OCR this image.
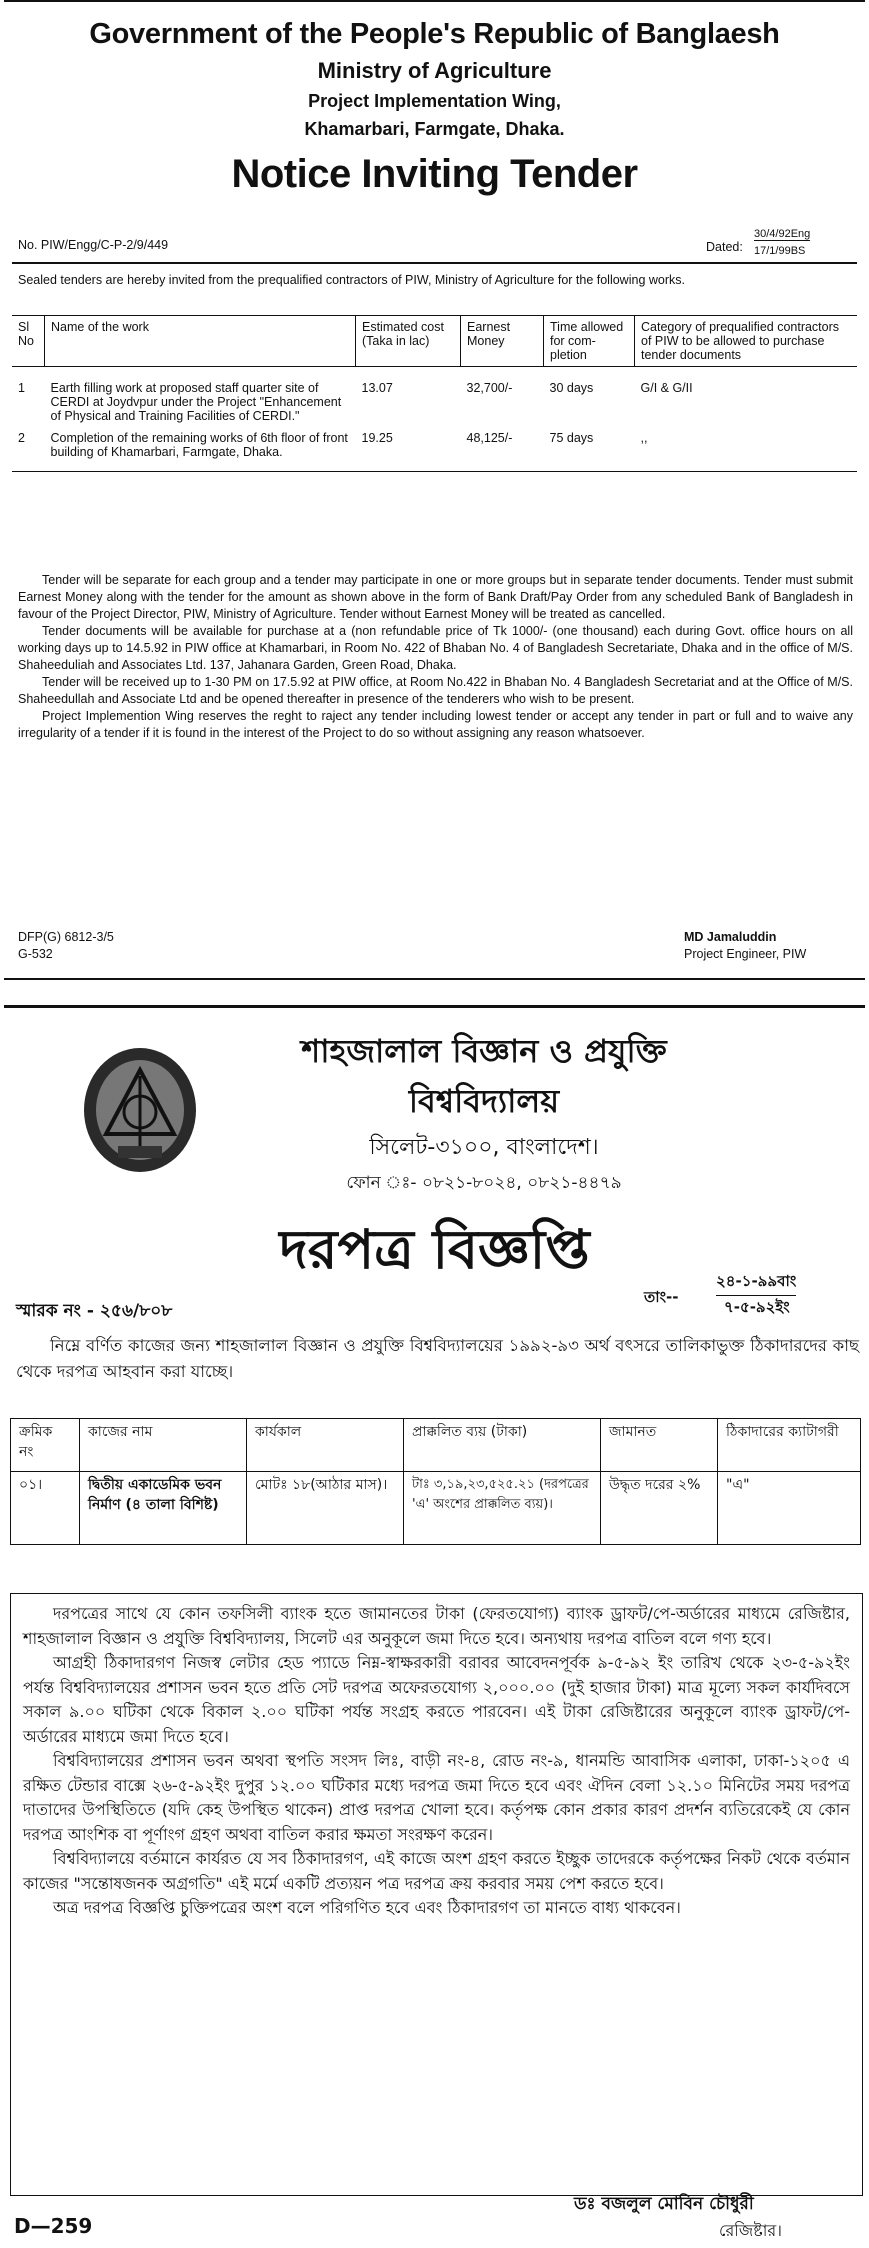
Government of the People's Republic of Banglaesh
Ministry of Agriculture
Project Implementation Wing,
Khamarbari, Farmgate, Dhaka.
Notice Inviting Tender
No. PIW/Engg/C-P-2/9/449	Dated:
30/4/92Eng
17/1/99BS
Sealed tenders are hereby invited from the prequalified contractors of PIW, Ministry of Agriculture for the following works.
Sl No	Name of the work	Estimated cost (Taka in lac)	Earnest Money	Time allowed for com-pletion	Category of prequalified contractors of PIW to be allowed to purchase tender documents
1	Earth filling work at proposed staff quarter site of CERDI at Joydvpur under the Project "Enhancement of Physical and Training Facilities of CERDI."	13.07	32,700/-	30 days	G/I & G/II
2	Completion of the remaining works of 6th floor of front building of Khamarbari, Farmgate, Dhaka.	19.25	48,125/-	75 days	,,

Tender will be separate for each group and a tender may participate in one or more groups but in separate tender documents. Tender must submit Earnest Money along with the tender for the amount as shown above in the form of Bank Draft/Pay Order from any scheduled Bank of Bangladesh in favour of the Project Director, PIW, Ministry of Agriculture. Tender without Earnest Money will be treated as cancelled.

Tender documents will be available for purchase at a (non refundable price of Tk 1000/- (one thousand) each during Govt. office hours on all working days up to 14.5.92 in PIW office at Khamarbari, in Room No. 422 of Bhaban No. 4 of Bangladesh Secretariate, Dhaka and in the office of M/S. Shaheeduliah and Associates Ltd. 137, Jahanara Garden, Green Road, Dhaka.

Tender will be received up to 1-30 PM on 17.5.92 at PIW office, at Room No.422 in Bhaban No. 4 Bangladesh Secretariat and at the Office of M/S. Shaheedullah and Associate Ltd and be opened thereafter in presence of the tenderers who wish to be present.

Project Implemention Wing reserves the reght to raject any tender including lowest tender or accept any tender in part or full and to waive any irregularity of a tender if it is found in the interest of the Project to do so without assigning any reason whatsoever.

DFP(G) 6812-3/5
G-532
MD Jamaluddin
Project Engineer, PIW
শাহজালাল বিজ্ঞান ও প্রযুক্তি
বিশ্ববিদ্যালয়
সিলেট-৩১০০, বাংলাদেশ।
ফোন ঃ- ০৮২১-৮০২৪, ০৮২১-৪৪৭৯
দরপত্র বিজ্ঞপ্তি
স্মারক নং - ২৫৬/৮০৮
তাং--
২৪-১-৯৯বাং
৭-৫-৯২ইং
নিম্নে বর্ণিত কাজের জন্য শাহজালাল বিজ্ঞান ও প্রযুক্তি বিশ্ববিদ্যালয়ের ১৯৯২-৯৩ অর্থ বৎসরে তালিকাভুক্ত ঠিকাদারদের কাছ থেকে দরপত্র আহবান করা যাচ্ছে।
ক্রমিক নং	কাজের নাম	কার্যকাল	প্রাক্কলিত ব্যয় (টাকা)	জামানত	ঠিকাদারের ক্যাটাগরী
০১।	দ্বিতীয় একাডেমিক ভবন নির্মাণ (৪ তালা বিশিষ্ট)	মোটঃ ১৮(আঠার মাস)।	টাঃ ৩,১৯,২৩,৫২৫.২১ (দরপত্রের 'এ' অংশের প্রাক্কলিত ব্যয়)।	উদ্ধৃত দরের ২%	"এ"

দরপত্রের সাথে যে কোন তফসিলী ব্যাংক হতে জামানতের টাকা (ফেরতযোগ্য) ব্যাংক ড্রাফট/পে-অর্ডারের মাধ্যমে রেজিষ্টার, শাহজালাল বিজ্ঞান ও প্রযুক্তি বিশ্ববিদ্যালয়, সিলেট এর অনুকূলে জমা দিতে হবে। অন্যথায় দরপত্র বাতিল বলে গণ্য হবে।

আগ্রহী ঠিকাদারগণ নিজস্ব লেটার হেড প্যাডে নিম্ন-স্বাক্ষরকারী বরাবর আবেদনপূর্বক ৯-৫-৯২ ইং তারিখ থেকে ২৩-৫-৯২ইং পর্যন্ত বিশ্ববিদ্যালয়ের প্রশাসন ভবন হতে প্রতি সেট দরপত্র অফেরতযোগ্য ২,০০০.০০ (দুই হাজার টাকা) মাত্র মূল্যে সকল কার্যদিবসে সকাল ৯.০০ ঘটিকা থেকে বিকাল ২.০০ ঘটিকা পর্যন্ত সংগ্রহ করতে পারবেন। এই টাকা রেজিষ্টারের অনুকূলে ব্যাংক ড্রাফট/পে-অর্ডারের মাধ্যমে জমা দিতে হবে।

বিশ্ববিদ্যালয়ের প্রশাসন ভবন অথবা স্থপতি সংসদ লিঃ, বাড়ী নং-৪, রোড নং-৯, ধানমন্ডি আবাসিক এলাকা, ঢাকা-১২০৫ এ রক্ষিত টেন্ডার বাক্সে ২৬-৫-৯২ইং দুপুর ১২.০০ ঘটিকার মধ্যে দরপত্র জমা দিতে হবে এবং ঐদিন বেলা ১২.১০ মিনিটের সময় দরপত্র দাতাদের উপস্থিতিতে (যদি কেহ উপস্থিত থাকেন) প্রাপ্ত দরপত্র খোলা হবে। কর্তৃপক্ষ কোন প্রকার কারণ প্রদর্শন ব্যতিরেকেই যে কোন দরপত্র আংশিক বা পূর্ণাংগ গ্রহণ অথবা বাতিল করার ক্ষমতা সংরক্ষণ করেন।

বিশ্ববিদ্যালয়ে বর্তমানে কার্যরত যে সব ঠিকাদারগণ, এই কাজে অংশ গ্রহণ করতে ইচ্ছুক তাদেরকে কর্তৃপক্ষের নিকট থেকে বর্তমান কাজের "সন্তোষজনক অগ্রগতি" এই মর্মে একটি প্রত্যয়ন পত্র দরপত্র ক্রয় করবার সময় পেশ করতে হবে।

অত্র দরপত্র বিজ্ঞপ্তি চুক্তিপত্রের অংশ বলে পরিগণিত হবে এবং ঠিকাদারগণ তা মানতে বাধ্য থাকবেন।

ডঃ বজলুল মোবিন চৌধুরী
রেজিষ্টার।
D—259
